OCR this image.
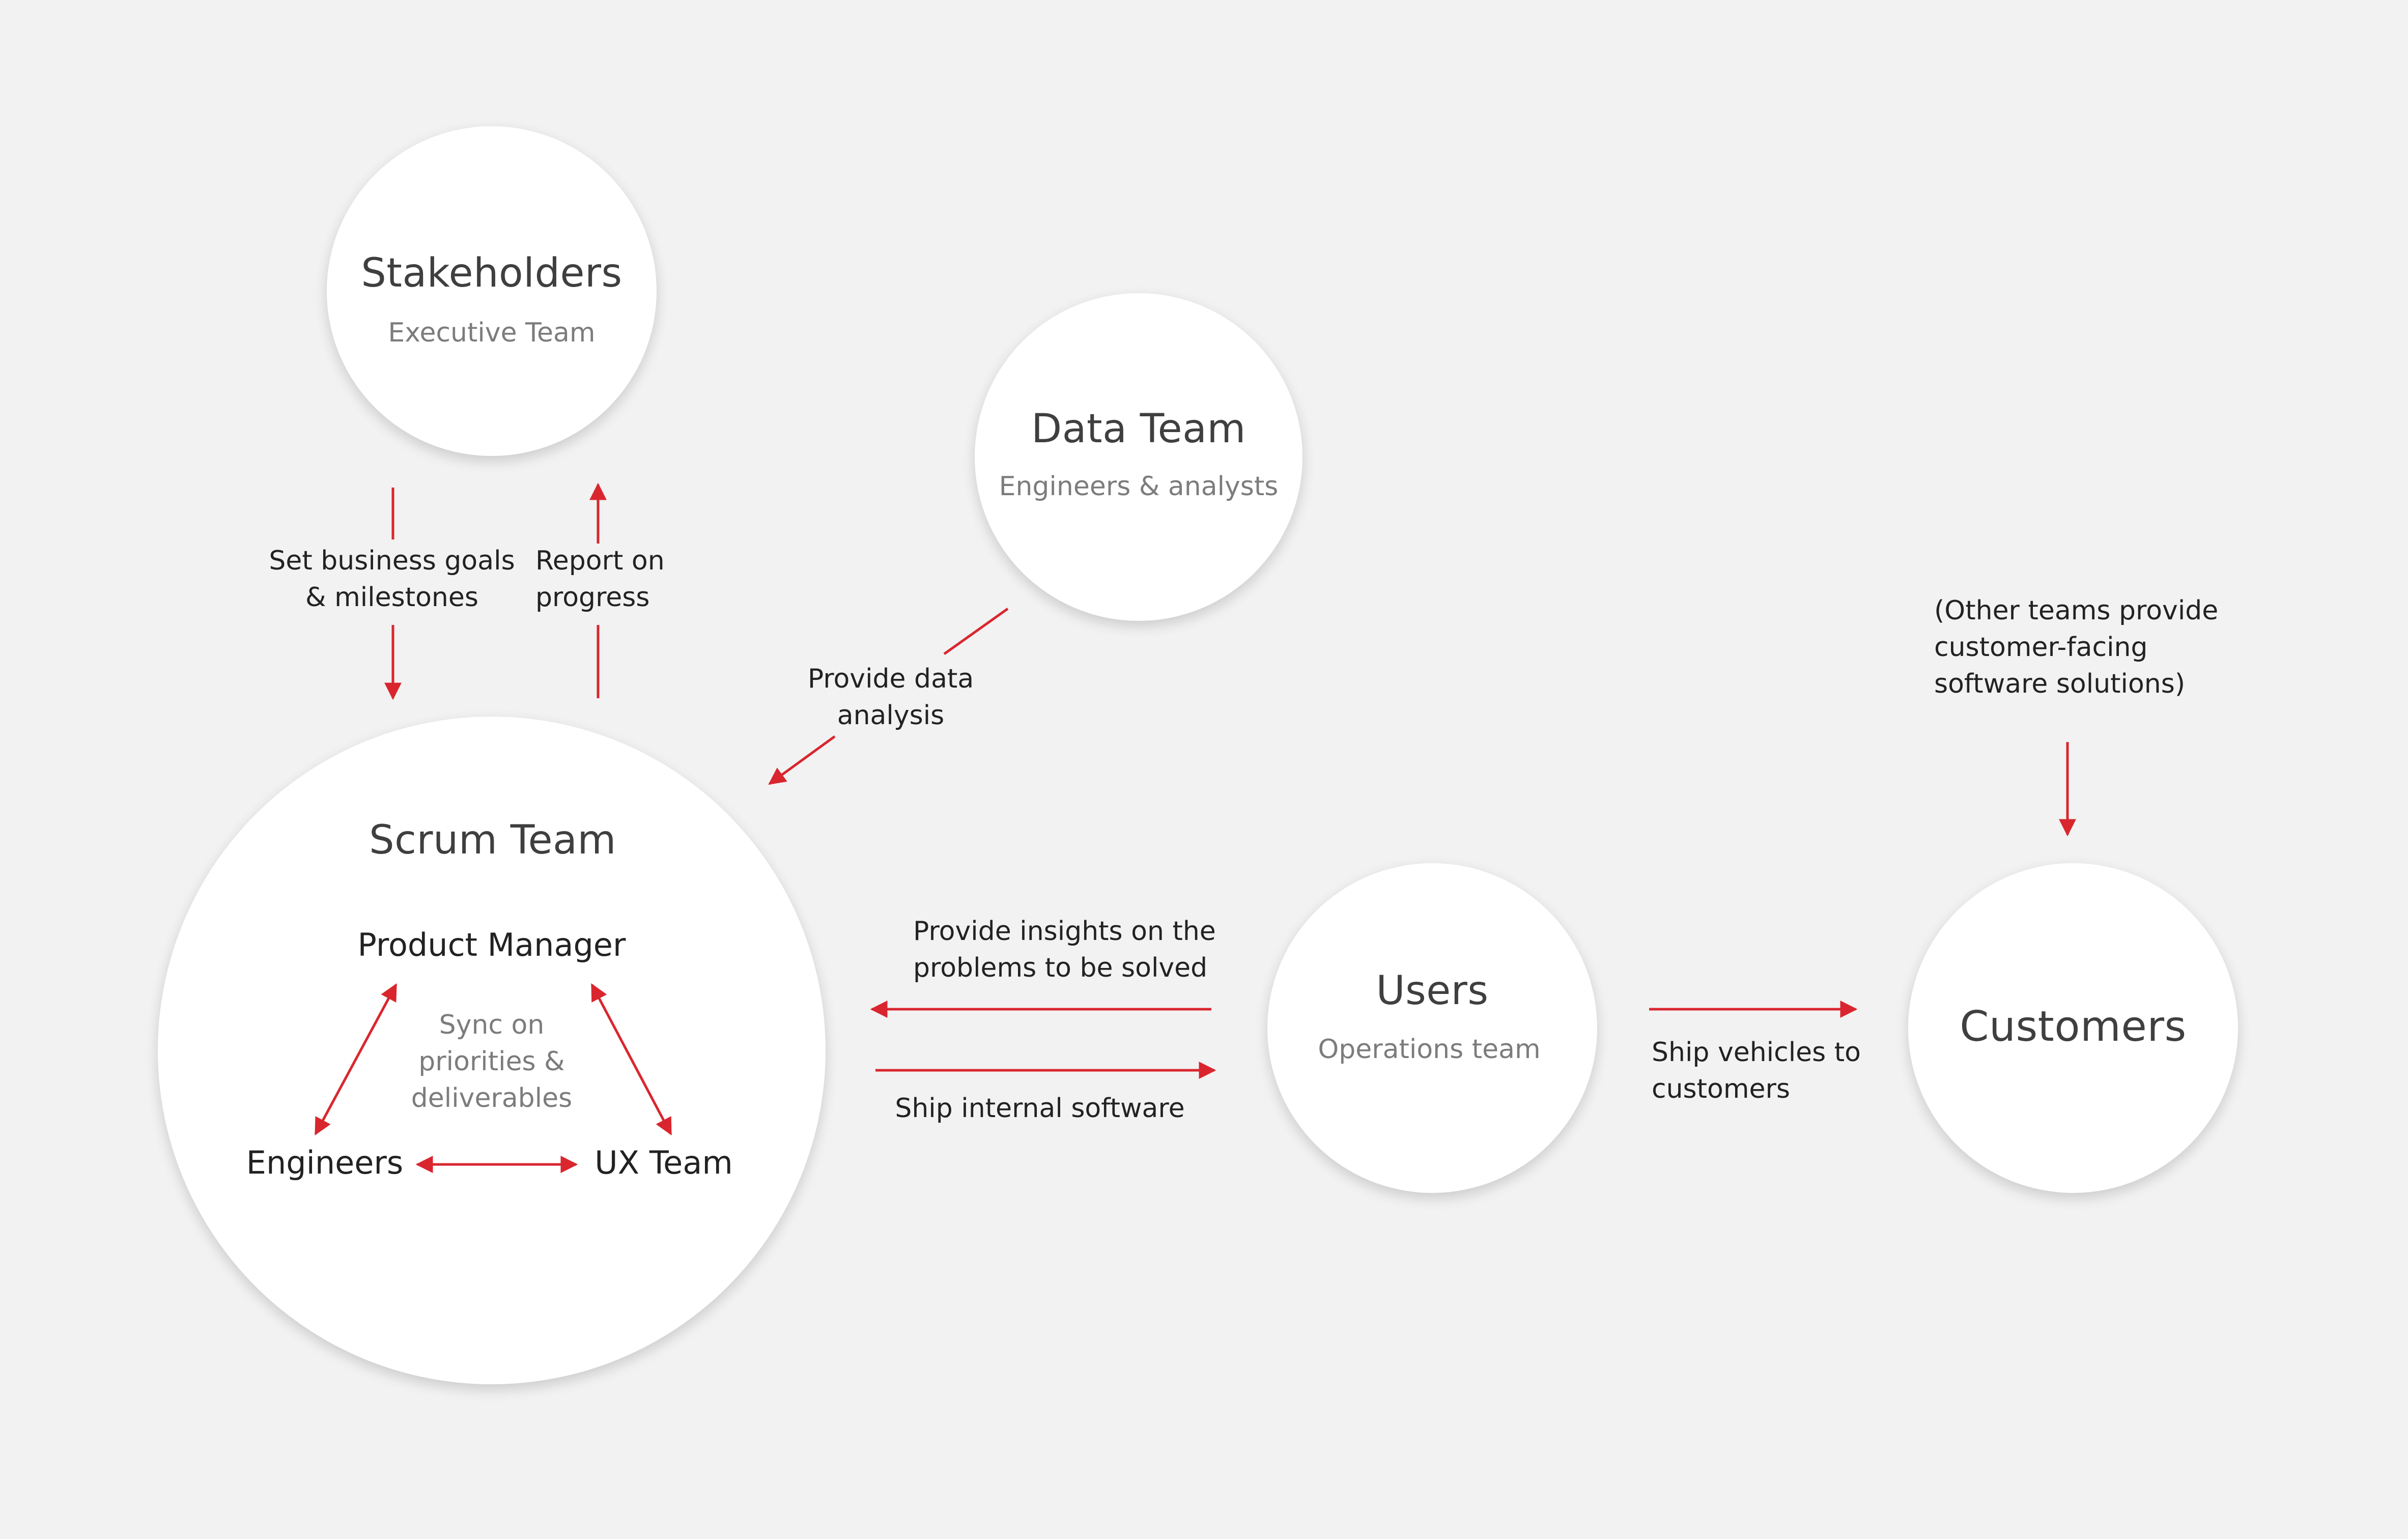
Stakeholders
Executive Team
Data Team
Engineers & analysts
Scrum Team
Product Manager
Sync on
priorities &
deliverables
Engineers	UX Team
Users
Operations team	Customers
Set business goals
& milestones
Report on
progress
Provide data
analysis
Provide insights on the
problems to be solved
Ship internal software
Ship vehicles to
customers
(Other teams provide
customer-facing
software solutions)
